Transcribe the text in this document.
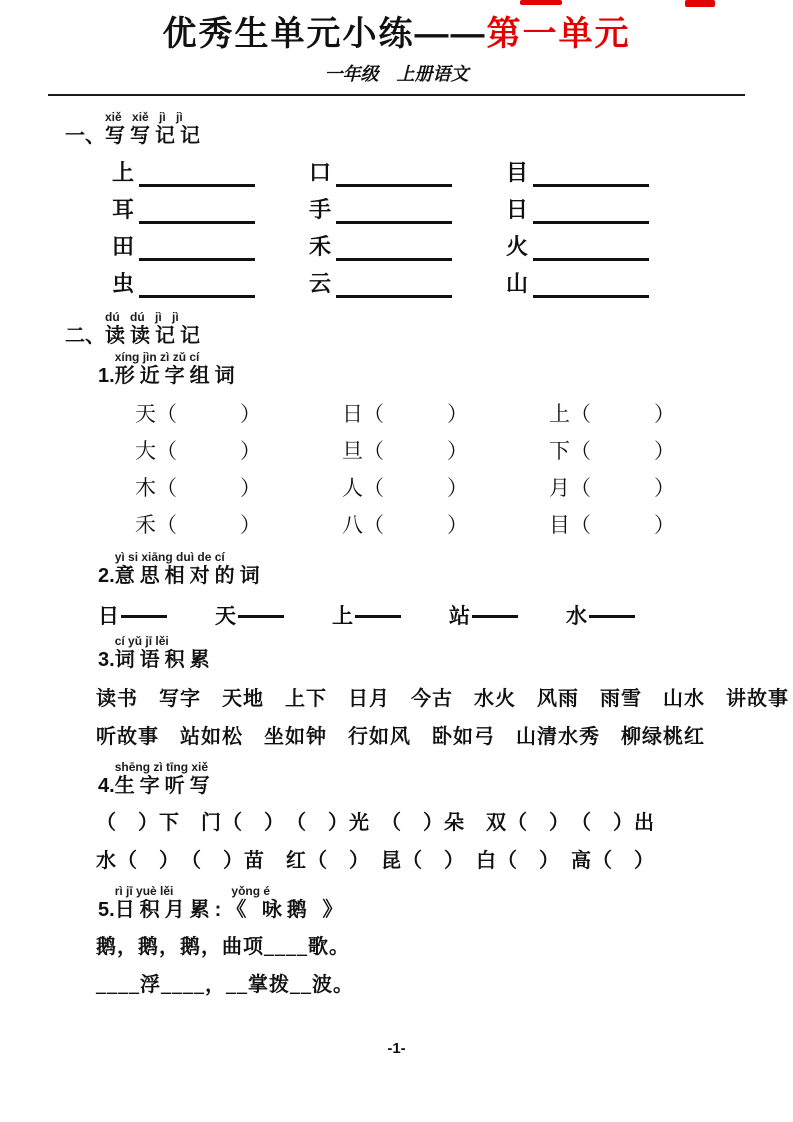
优秀生单元小练——第一单元
一年级　上册语文
一、
xiě xiě jì jì
写写记记
上	口	目
耳	手	日
田	禾	火
虫	云	山
二、
dú dú jì jì
读读记记
1.
xíng jìn zì zǔ cí
形近字组词
天（　　　）	日（　　　）	上（　　　）
大（　　　）	旦（　　　）	下（　　　）
木（　　　）	人（　　　）	月（　　　）
禾（　　　）	八（　　　）	目（　　　）
2.
yì si xiāng duì de cí
意思相对的词
日	天	上	站	水
3.
cí yǔ jī lěi
词语积累
读书　写字　天地　上下　日月　今古　水火　风雨　雨雪　山水　讲故事
听故事　站如松　坐如钟　行如风　卧如弓　山清水秀　柳绿桃红
4.
shēng zì tīng xiě
生字听写
（　）下　门（　）　（　）光　（　）朵　双（　）　（　）出
水（　）　（　）苗　红（　）　昆（　）　白（　）　高（　）
5.
rì jī yuè lěi	yǒng é
日积月累:《 咏鹅 》
鹅，鹅，鹅，曲项____歌。
____浮____，__掌拨__波。
-1-
